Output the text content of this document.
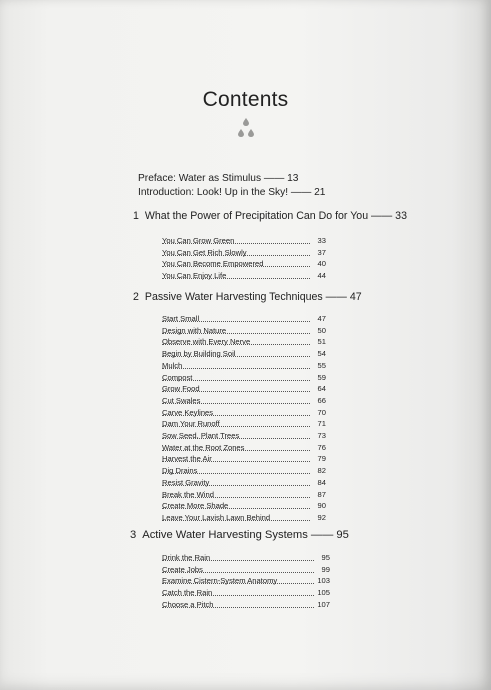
Contents
Preface: Water as Stimulus —— 13
Introduction: Look! Up in the Sky! —— 21
1 What the Power of Precipitation Can Do for You —— 33
You Can Grow Green	33
You Can Get Rich Slowly	37
You Can Become Empowered	40
You Can Enjoy Life	44
2 Passive Water Harvesting Techniques —— 47
Start Small	47
Design with Nature	50
Observe with Every Nerve	51
Begin by Building Soil	54
Mulch	55
Compost	59
Grow Food	64
Cut Swales	66
Carve Keylines	70
Dam Your Runoff	71
Sow Seed, Plant Trees	73
Water at the Root Zones	76
Harvest the Air	79
Dig Drains	82
Resist Gravity	84
Break the Wind	87
Create More Shade	90
Leave Your Lavish Lawn Behind	92
3 Active Water Harvesting Systems —— 95
Drink the Rain	95
Create Jobs	99
Examine Cistern-System Anatomy	103
Catch the Rain	105
Choose a Pitch	107
